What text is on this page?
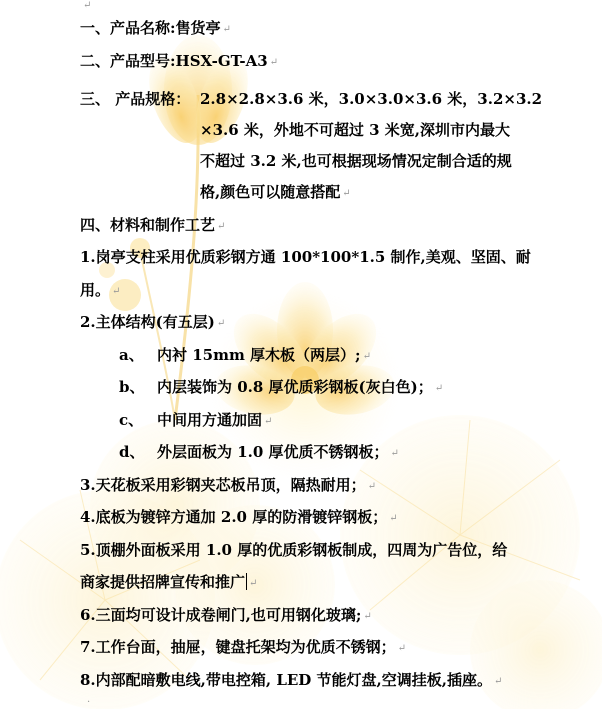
↵
一、产品名称:售货亭 ↵
二、产品型号:HSX-GT-A3 ↵
三、 产品规格： 2.8×2.8×3.6 米，3.0×3.0×3.6 米，3.2×3.2
×3.6 米，外地不可超过 3 米宽,深圳市内最大
不超过 3.2 米,也可根据现场情况定制合适的规
格,颜色可以随意搭配 ↵
四、材料和制作工艺 ↵
1.岗亭支柱采用优质彩钢方通 100*100*1.5 制作,美观、坚固、耐
用。 ↵
2.主体结构(有五层) ↵
a、 内衬 15mm 厚木板（两层）; ↵
b、 内层装饰为 0.8 厚优质彩钢板(灰白色)； ↵
c、 中间用方通加固 ↵
d、 外层面板为 1.0 厚优质不锈钢板； ↵
3.天花板采用彩钢夹芯板吊顶，隔热耐用； ↵
4.底板为镀锌方通加 2.0 厚的防滑镀锌钢板； ↵
5.顶棚外面板采用 1.0 厚的优质彩钢板制成，四周为广告位，给
商家提供招牌宣传和推广 ↵
6.三面均可设计成卷闸门,也可用钢化玻璃; ↵
7.工作台面，抽屉，键盘托架均为优质不锈钢； ↵
8.内部配暗敷电线,带电控箱, LED 节能灯盘,空调挂板,插座。 ↵
·
